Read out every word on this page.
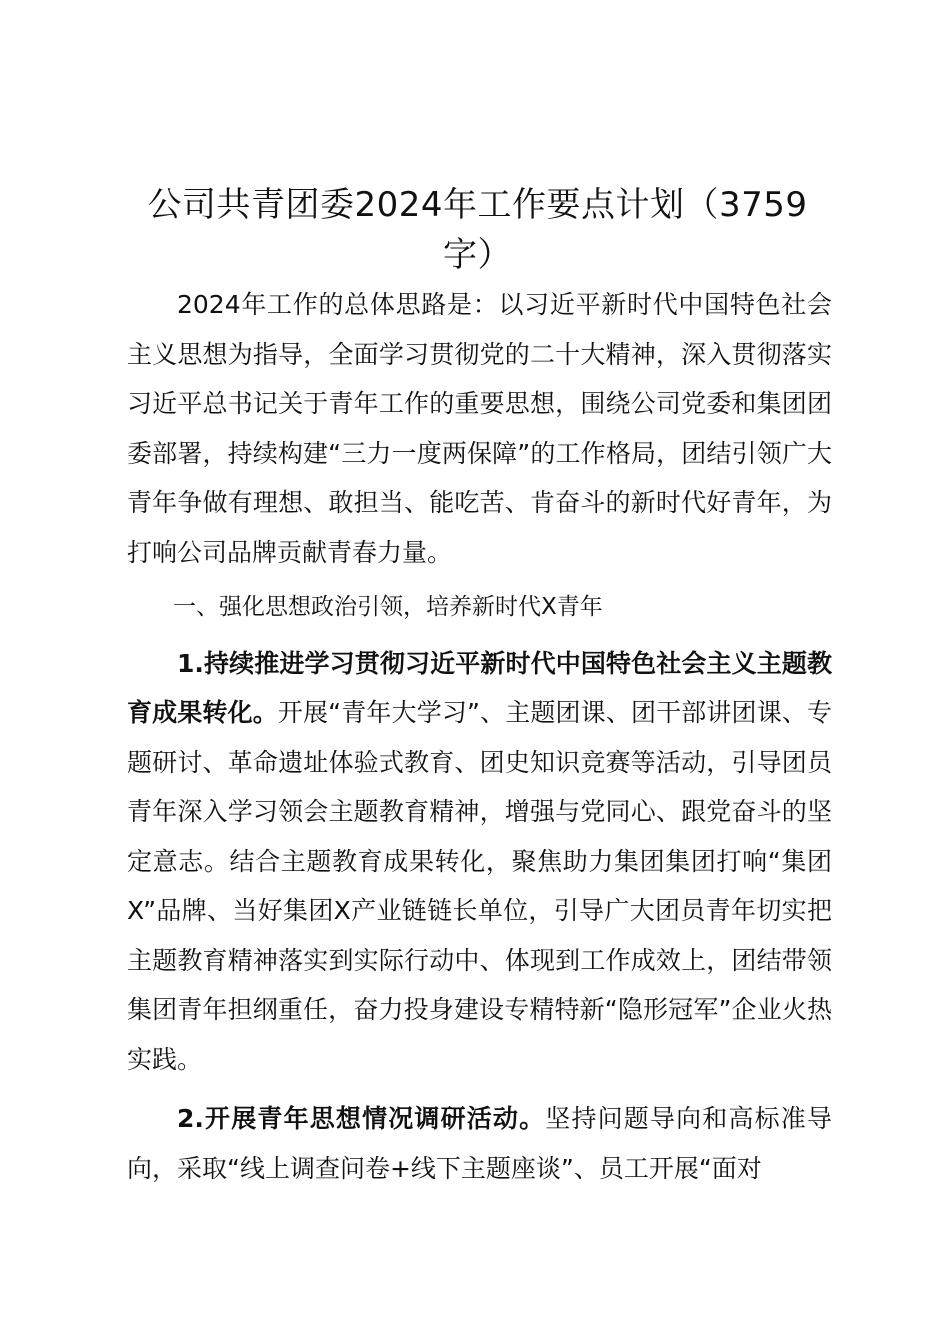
公司共青团委2024年工作要点计划（3759字）

2024年工作的总体思路是：以习近平新时代中国特色社会主义思想为指导，全面学习贯彻党的二十大精神，深入贯彻落实习近平总书记关于青年工作的重要思想，围绕公司党委和集团团委部署，持续构建“三力一度两保障”的工作格局，团结引领广大青年争做有理想、敢担当、能吃苦、肯奋斗的新时代好青年，为打响公司品牌贡献青春力量。

一、强化思想政治引领，培养新时代X青年

1.持续推进学习贯彻习近平新时代中国特色社会主义主题教育成果转化。开展“青年大学习”、主题团课、团干部讲团课、专题研讨、革命遗址体验式教育、团史知识竞赛等活动，引导团员青年深入学习领会主题教育精神，增强与党同心、跟党奋斗的坚定意志。结合主题教育成果转化，聚焦助力集团集团打响“集团X”品牌、当好集团X产业链链长单位，引导广大团员青年切实把主题教育精神落实到实际行动中、体现到工作成效上，团结带领集团青年担纲重任，奋力投身建设专精特新“隐形冠军”企业火热实践。

2.开展青年思想情况调研活动。坚持问题导向和高标准导向，采取“线上调查问卷+线下主题座谈”、员工开展“面对
